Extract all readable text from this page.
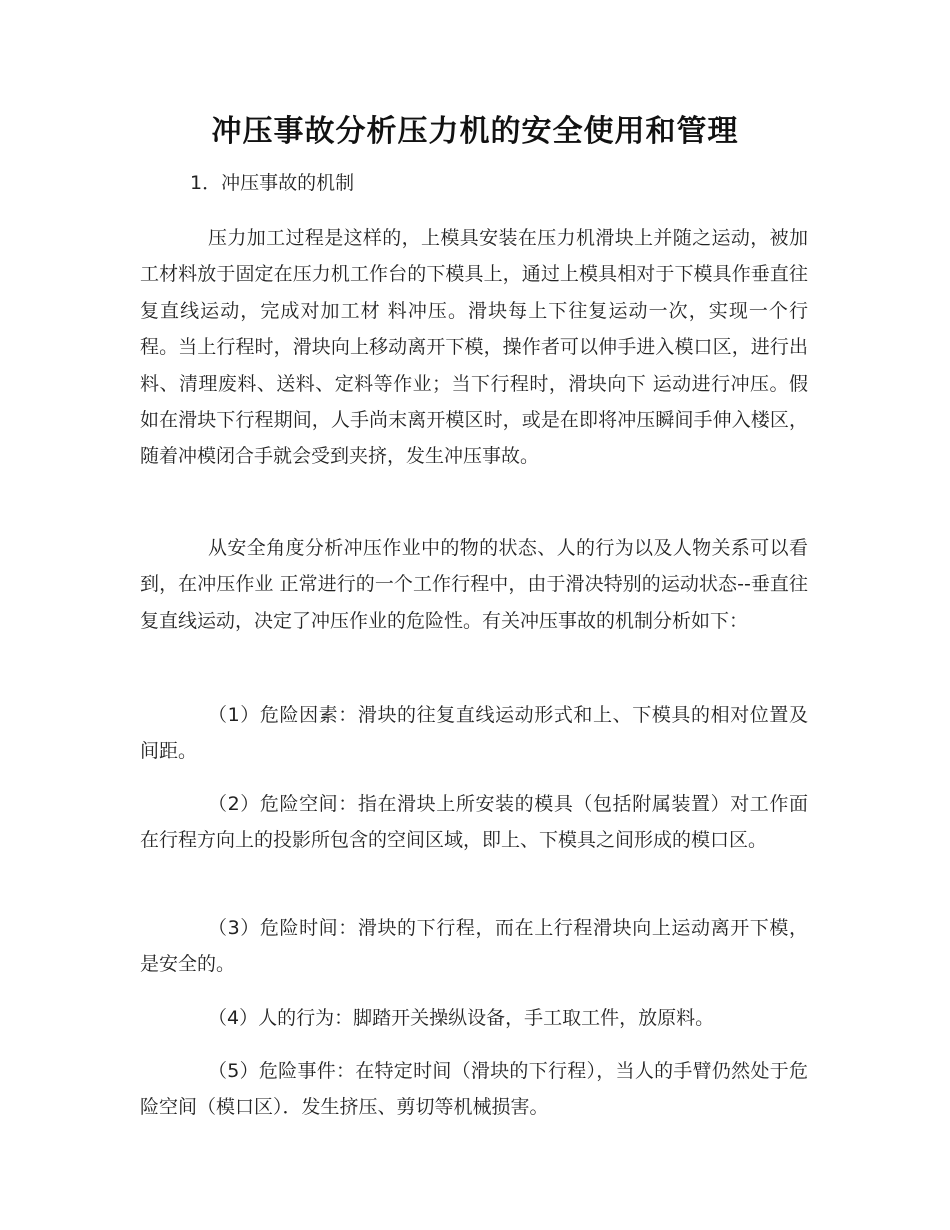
冲压事故分析压力机的安全使用和管理

1．冲压事故的机制

压力加工过程是这样的，上模具安装在压力机滑块上并随之运动，被加工材料放于固定在压力机工作台的下模具上，通过上模具相对于下模具作垂直往复直线运动，完成对加工材 料冲压。滑块每上下往复运动一次，实现一个行程。当上行程时，滑块向上移动离开下模，操作者可以伸手进入模口区，进行出料、清理废料、送料、定料等作业；当下行程时，滑块向下 运动进行冲压。假如在滑块下行程期间，人手尚末离开模区时，或是在即将冲压瞬间手伸入楼区，随着冲模闭合手就会受到夹挤，发生冲压事故。

从安全角度分析冲压作业中的物的状态、人的行为以及人物关系可以看到，在冲压作业 正常进行的一个工作行程中，由于滑决特别的运动状态--垂直往复直线运动，决定了冲压作业的危险性。有关冲压事故的机制分析如下：

（1）危险因素：滑块的往复直线运动形式和上、下模具的相对位置及间距。

（2）危险空间：指在滑块上所安装的模具（包括附属装置）对工作面在行程方向上的投影所包含的空间区域，即上、下模具之间形成的模口区。

（3）危险时间：滑块的下行程，而在上行程滑块向上运动离开下模，是安全的。

（4）人的行为：脚踏开关操纵设备，手工取工件，放原料。

（5）危险事件：在特定时间（滑块的下行程），当人的手臂仍然处于危险空间（模口区）．发生挤压、剪切等机械损害。
